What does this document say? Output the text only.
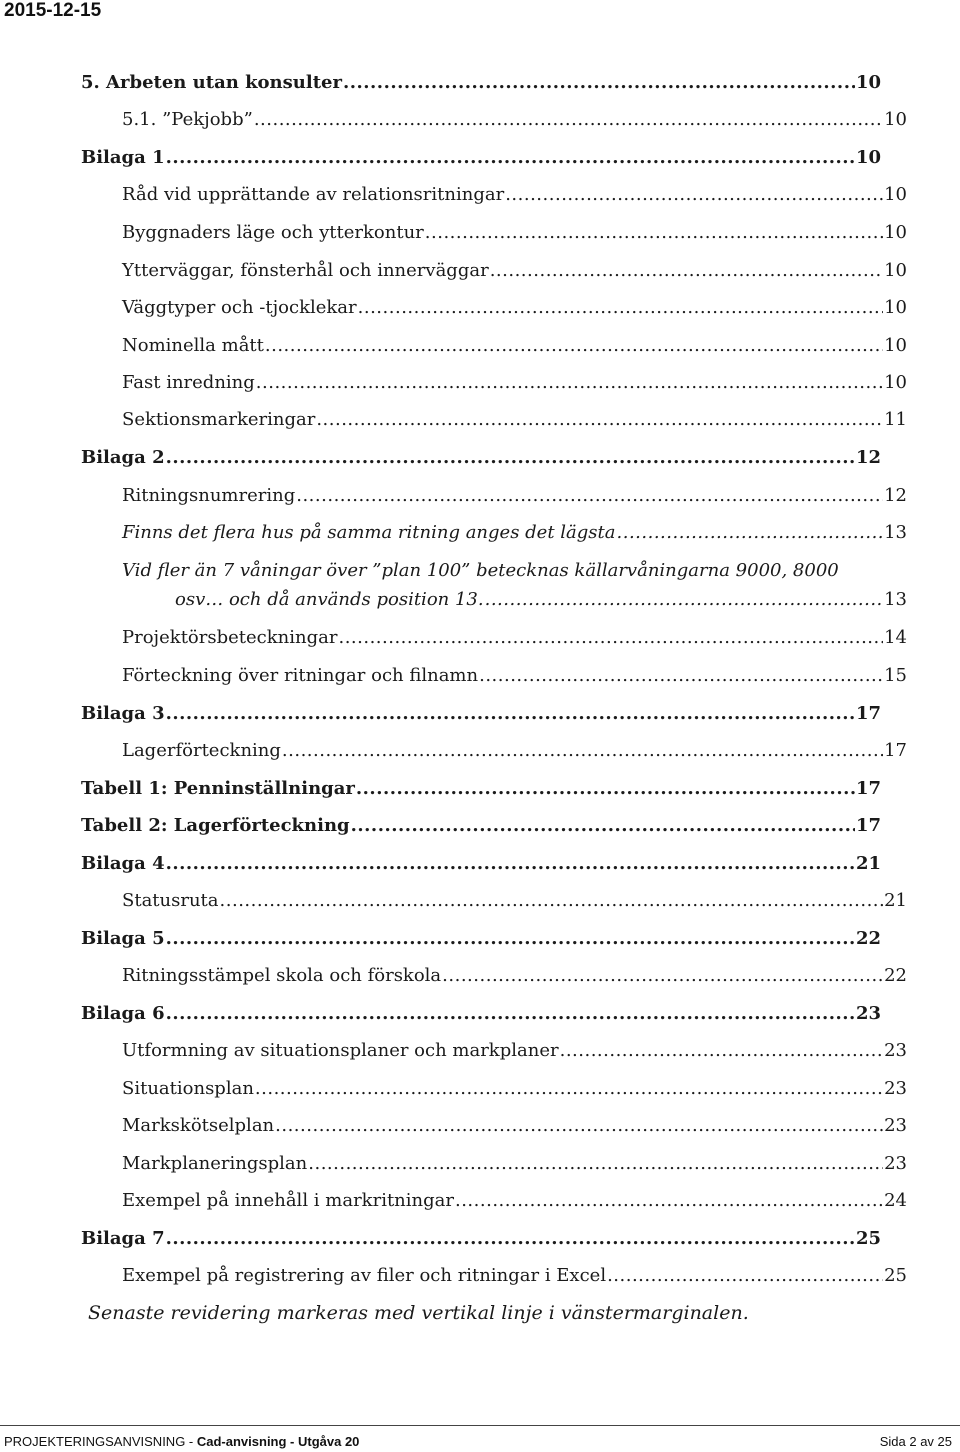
2015-12-15
5. Arbeten utan konsulter .....	10
5.1. ”Pekjobb” .....	10
Bilaga 1 .....	10
Råd vid upprättande av relationsritningar .....	10
Byggnaders läge och ytterkontur .....	10
Ytterväggar, fönsterhål och innerväggar .....	10
Väggtyper och -tjocklekar .....	10
Nominella mått .....	10
Fast inredning .....	10
Sektionsmarkeringar .....	11
Bilaga 2 .....	12
Ritningsnumrering .....	12
Finns det flera hus på samma ritning anges det lägsta .....	13
Vid fler än 7 våningar över ”plan 100” betecknas källarvåningarna 9000, 8000
osv… och då används position 13. .....	13
Projektörsbeteckningar .....	14
Förteckning över ritningar och filnamn .....	15
Bilaga 3 .....	17
Lagerförteckning .....	17
Tabell 1: Penninställningar .....	17
Tabell 2: Lagerförteckning .....	17
Bilaga 4 .....	21
Statusruta .....	21
Bilaga 5 .....	22
Ritningsstämpel skola och förskola .....	22
Bilaga 6 .....	23
Utformning av situationsplaner och markplaner .....	23
Situationsplan .....	23
Markskötselplan .....	23
Markplaneringsplan .....	23
Exempel på innehåll i markritningar .....	24
Bilaga 7 .....	25
Exempel på registrering av filer och ritningar i Excel .....	25
Senaste revidering markeras med vertikal linje i vänstermarginalen.
PROJEKTERINGSANVISNING - Cad-anvisning - Utgåva 20	Sida 2 av 25
